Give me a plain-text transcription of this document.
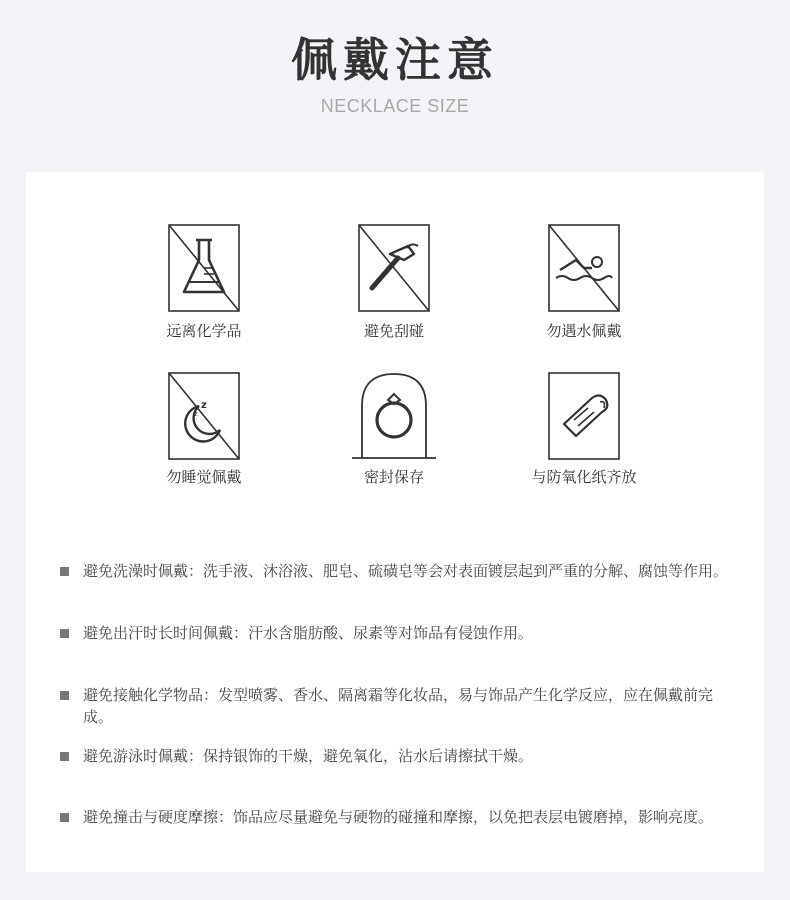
佩戴注意
NECKLACE SIZE
远离化学品	避免刮碰	勿遇水佩戴
z
z
勿睡觉佩戴	密封保存	与防氧化纸齐放
避免洗澡时佩戴：洗手液、沐浴液、肥皂、硫磺皂等会对表面镀层起到严重的分解、腐蚀等作用。
避免出汗时长时间佩戴：汗水含脂肪酸、尿素等对饰品有侵蚀作用。
避免接触化学物品：发型喷雾、香水、隔离霜等化妆品，易与饰品产生化学反应，应在佩戴前完成。
避免游泳时佩戴：保持银饰的干燥，避免氧化，沾水后请擦拭干燥。
避免撞击与硬度摩擦：饰品应尽量避免与硬物的碰撞和摩擦，以免把表层电镀磨掉，影响亮度。
